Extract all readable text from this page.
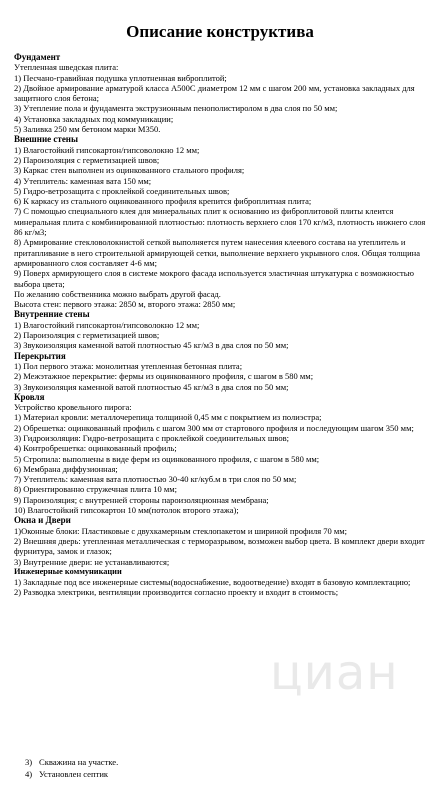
Описание конструктива
Фундамент
Утепленная шведская плита:
1) Песчано-гравийная подушка уплотненная виброплитой;
2) Двойное армирование арматурой класса А500С диаметром 12 мм с шагом 200 мм, установка закладных для защитного слоя бетона;
3) Утепление пола и фундамента экструзионным пенополистиролом в два слоя по 50 мм;
4) Установка закладных под коммуникации;
5) Заливка 250 мм бетоном марки М350.
Внешние стены
1) Влагостойкий гипсокартон/гипсоволокно 12 мм;
2) Пароизоляция с герметизацией швов;
3) Каркас стен выполнен из оцинкованного стального профиля;
4) Утеплитель: каменная вата 150 мм;
5) Гидро-ветрозащита с проклейкой соединительных швов;
6) К каркасу из стального оцинкованного профиля крепится фиброплитная плита;
7) С помощью специального клея для минеральных плит к основанию из фиброплитовой плиты клеится минеральная плита с комбинированной плотностью: плотность верхнего слоя 170 кг/м3, плотность нижнего слоя 86 кг/м3;
8) Армирование стекловолокнистой сеткой выполняется путем нанесения клеевого состава на утеплитель и притапливание в него строительной армирующей сетки, выполнение верхнего укрывного слоя. Общая толщина армированного слоя составляет 4-6 мм;
9) Поверх армирующего слоя в системе мокрого фасада используется эластичная штукатурка с возможностью выбора цвета;
По желанию собственника можно выбрать другой фасад.
Высота стен: первого этажа: 2850 м, второго этажа: 2850 мм;
Внутренние стены
1) Влагостойкий гипсокартон/гипсоволокно 12 мм;
2) Пароизоляция с герметизацией швов;
3) Звукоизоляция каменной ватой плотностью 45 кг/м3 в два слоя по 50 мм;
Перекрытия
1) Пол первого этажа: монолитная утепленная бетонная плита;
2) Межэтажное перекрытие: фермы из оцинкованного профиля, с шагом в 580 мм;
3) Звукоизоляция каменной ватой плотностью 45 кг/м3 в два слоя по 50 мм;
Кровля
Устройство кровельного пирога:
1) Материал кровли: металлочерепица толщиной 0,45 мм с покрытием из полиэстра;
2) Обрешетка: оцинкованный профиль с шагом 300 мм от стартового профиля и последующим шагом 350 мм;
3) Гидроизоляция: Гидро-ветрозащита с проклейкой соединительных швов;
4) Контробрешетка: оцинкованный профиль;
5) Стропила: выполнены в виде ферм из оцинкованного профиля, с шагом в 580 мм;
6) Мембрана диффузионная;
7) Утеплитель: каменная вата плотностью 30-40 кг/куб.м в три слоя по 50 мм;
8) Ориентированно стружечная плита 10 мм;
9) Пароизоляция; с внутренней стороны пароизоляционная мембрана;
10) Влагостойкий гипсокартон 10 мм(потолок второго этажа);
Окна и Двери
1)Оконные блоки: Пластиковые с двухкамерным стеклопакетом и шириной профиля 70 мм;
2) Внешняя дверь: утепленная металлическая с терморазрывом, возможен выбор цвета. В комплект двери входит фурнитура, замок и глазок;
3) Внутренние двери: не устанавливаются;
Инженерные коммуникации
1) Закладные под все инженерные системы(водоснабжение, водоотведение) входят в базовую комплектацию;
2) Разводка электрики, вентиляции производится согласно проекту и входит в стоимость;
циан
3) Скважина на участке.
4) Установлен септик
